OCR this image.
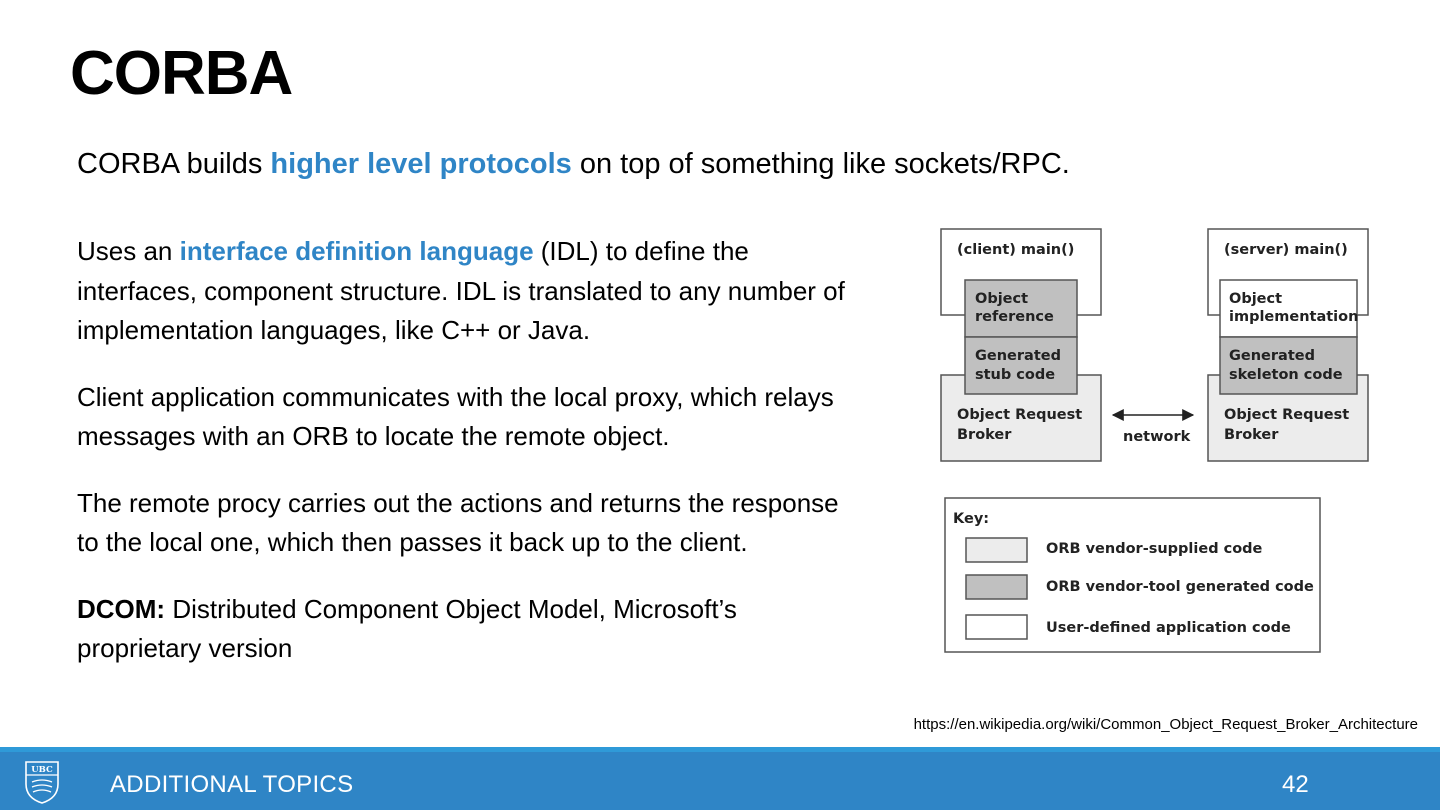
CORBA
CORBA builds higher level protocols on top of something like sockets/RPC.

Uses an interface definition language (IDL) to define the interfaces, component structure. IDL is translated to any number of implementation languages, like C++ or Java.

Client application communicates with the local proxy, which relays messages with an ORB to locate the remote object.

The remote procy carries out the actions and returns the response to the local one, which then passes it back up to the client.

DCOM: Distributed Component Object Model, Microsoft’s proprietary version

(client) main()
Object
reference
Generated
stub code
Object Request
Broker
(server) main()
Object
implementation
Generated
skeleton code
Object Request
Broker
network
Key:
ORB vendor-supplied code
ORB vendor-tool generated code
User-defined application code
https://en.wikipedia.org/wiki/Common_Object_Request_Broker_Architecture
UBC
ADDITIONAL TOPICS	42
